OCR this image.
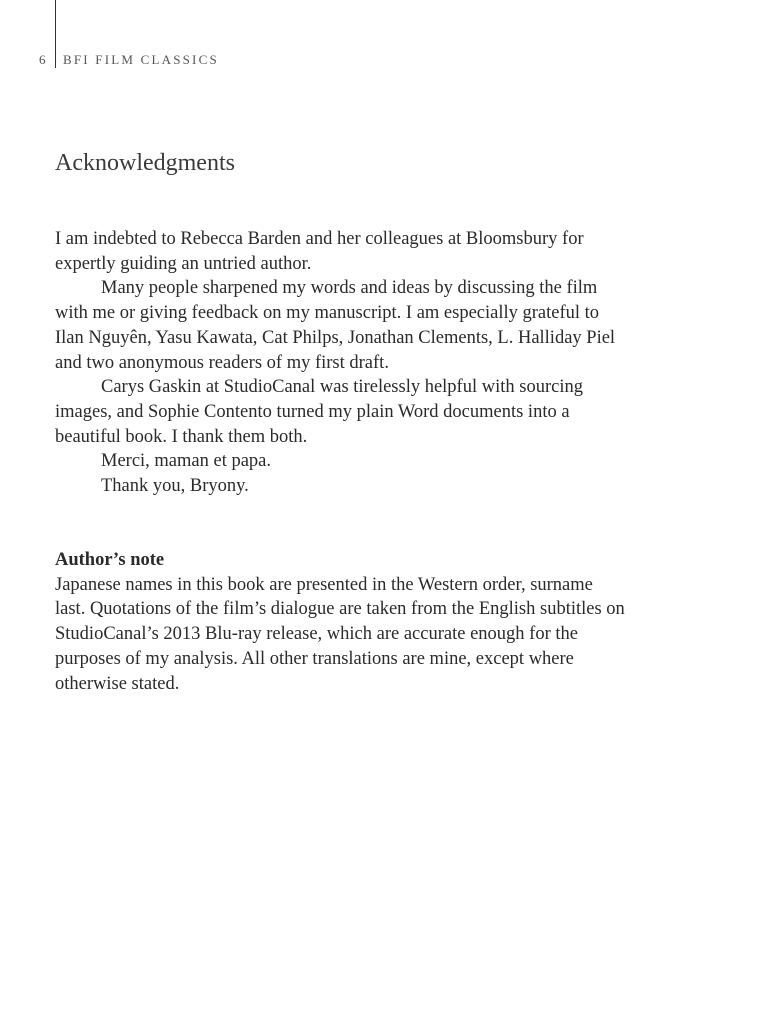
6 BFI FILM CLASSICS
Acknowledgments

I am indebted to Rebecca Barden and her colleagues at Bloomsbury for expertly guiding an untried author.

Many people sharpened my words and ideas by discussing the film with me or giving feedback on my manuscript. I am especially grateful to Ilan Nguyên, Yasu Kawata, Cat Philps, Jonathan Clements, L. Halliday Piel and two anonymous readers of my first draft.

Carys Gaskin at StudioCanal was tirelessly helpful with sourcing images, and Sophie Contento turned my plain Word documents into a beautiful book. I thank them both.

Merci, maman et papa.

Thank you, Bryony.

Author’s note

Japanese names in this book are presented in the Western order, surname last. Quotations of the film’s dialogue are taken from the English subtitles on StudioCanal’s 2013 Blu-ray release, which are accurate enough for the purposes of my analysis. All other translations are mine, except where otherwise stated.
